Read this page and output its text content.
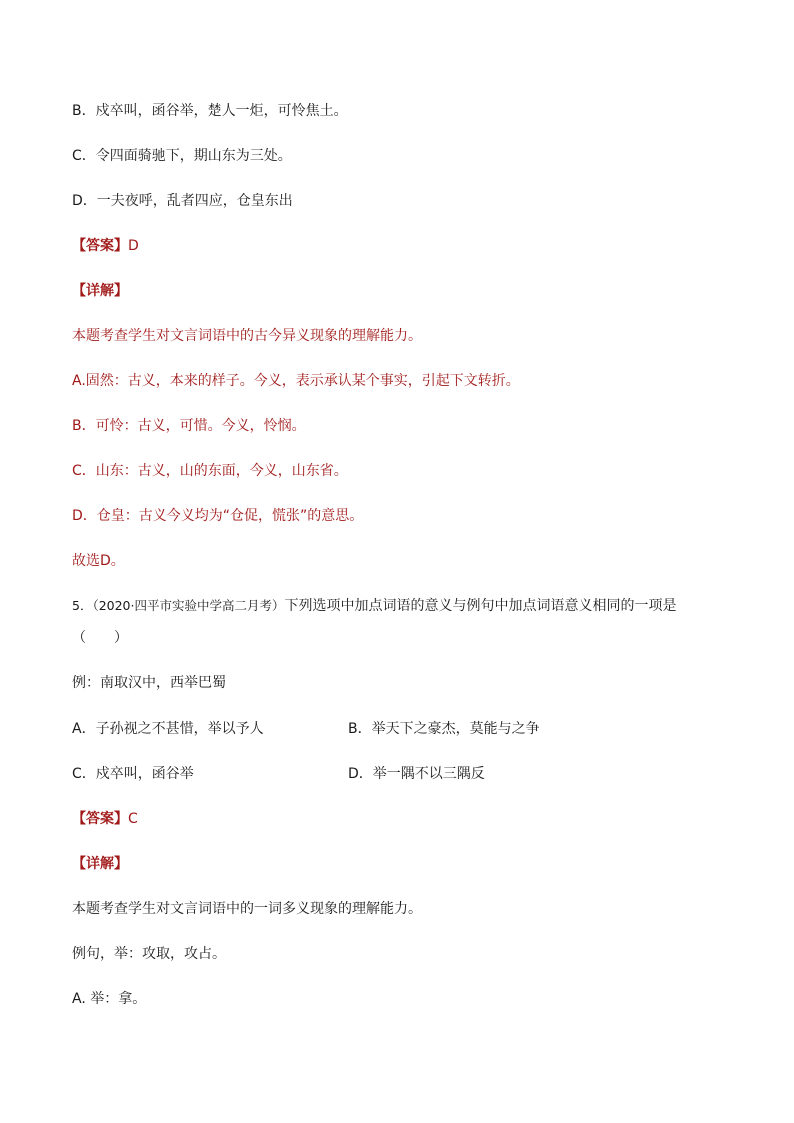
B．戍卒叫，函谷举，楚人一炬，可怜焦土。
C．令四面骑驰下，期山东为三处。
D．一夫夜呼，乱者四应，仓皇东出
【答案】D
【详解】
本题考查学生对文言词语中的古今异义现象的理解能力。
A.固然：古义，本来的样子。今义，表示承认某个事实，引起下文转折。
B．可怜：古义，可惜。今义，怜悯。
C．山东：古义，山的东面，今义，山东省。
D．仓皇：古义今义均为“仓促，慌张”的意思。
故选D。
5．（2020·四平市实验中学高二月考）下列选项中加点词语的意义与例句中加点词语意义相同的一项是
（　　）
例：南取汉中，西举巴蜀
A．子孙视之不甚惜，举以予人	B．举天下之豪杰，莫能与之争
C．戍卒叫，函谷举	D．举一隅不以三隅反
【答案】C
【详解】
本题考查学生对文言词语中的一词多义现象的理解能力。
例句，举：攻取，攻占。
A. 举：拿。
